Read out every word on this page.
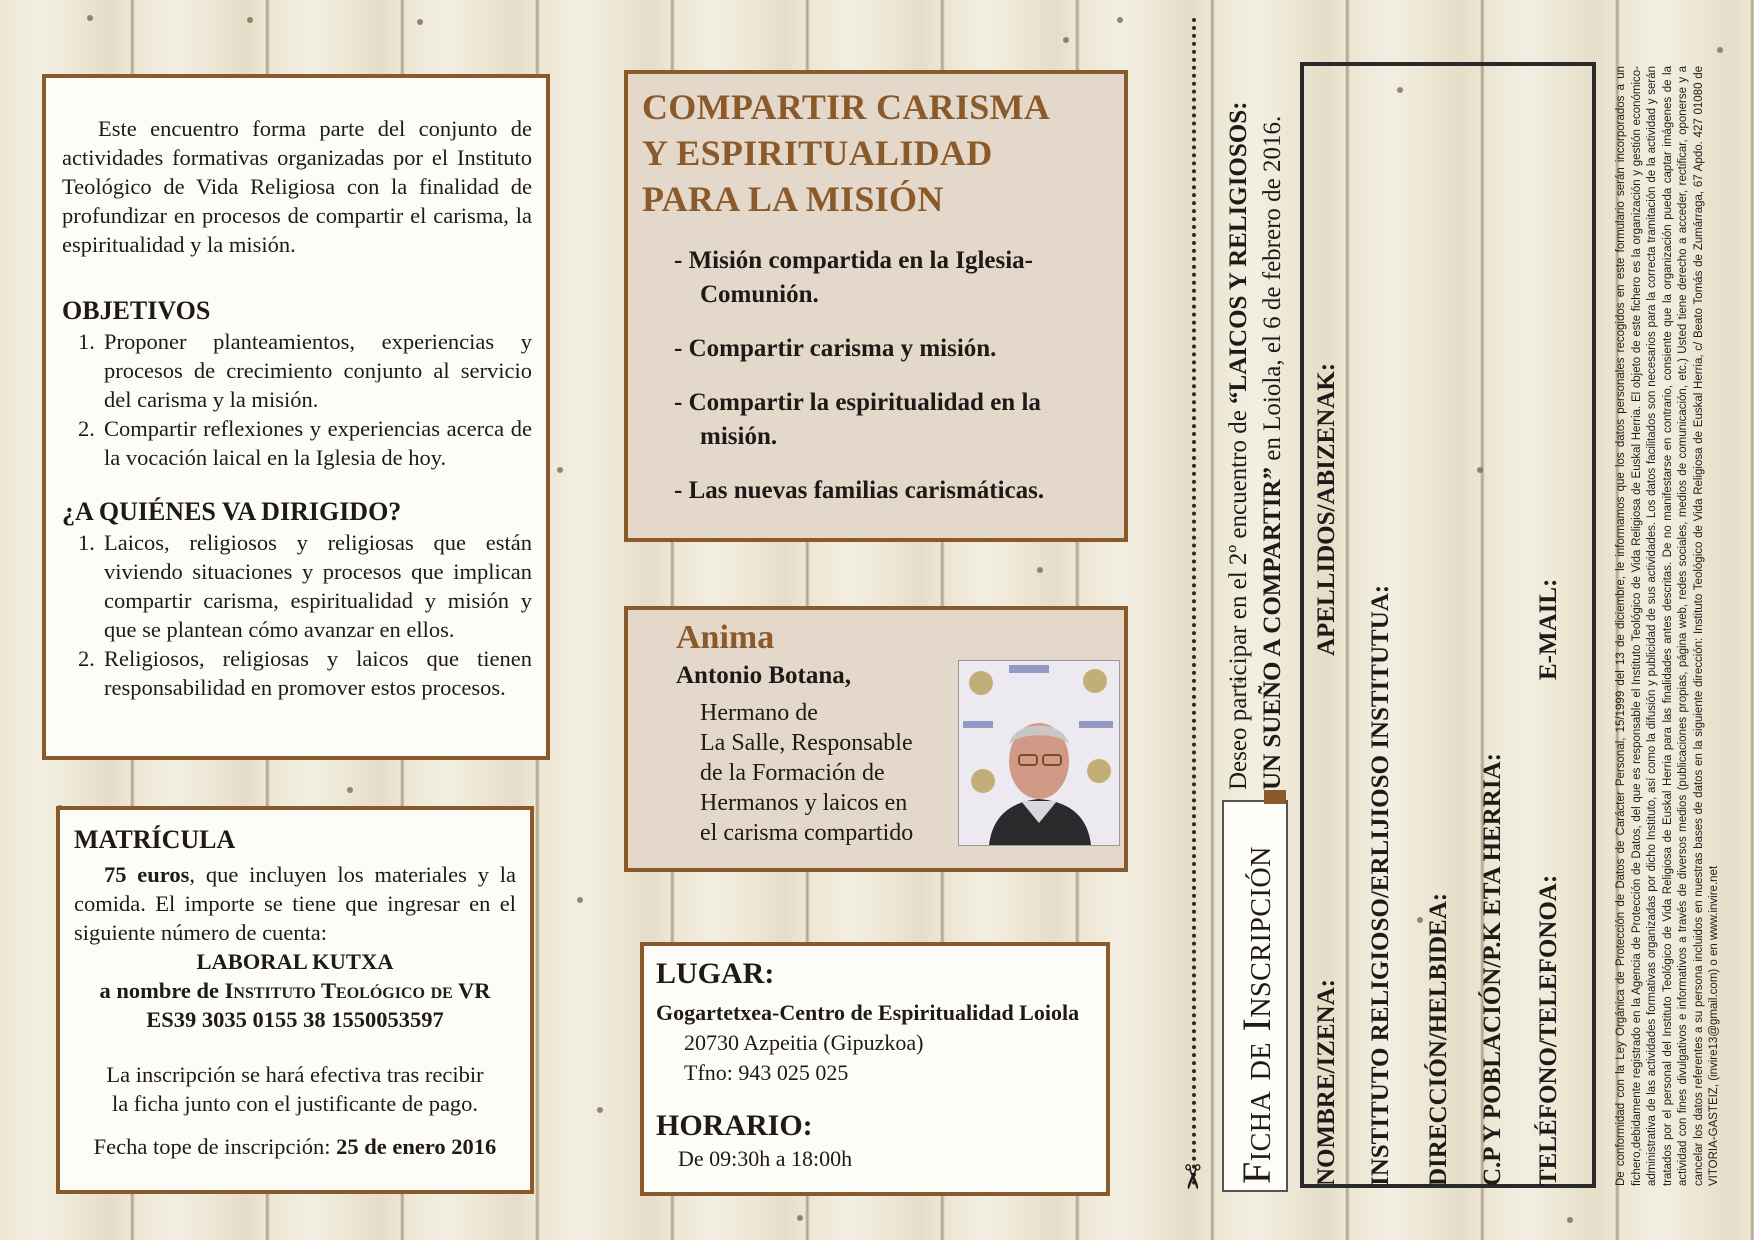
Este encuentro forma parte del conjunto de actividades formativas organizadas por el Instituto Teológico de Vida Religiosa con la finalidad de profundizar en procesos de compartir el carisma, la espiritualidad y la misión.

OBJETIVOS

1. Proponer planteamientos, experiencias y procesos de crecimiento conjunto al servicio del carisma y la misión.
2. Compartir reflexiones y experiencias acerca de la vocación laical en la Iglesia de hoy.

¿A QUIÉNES VA DIRIGIDO?

1. Laicos, religiosos y religiosas que están viviendo situaciones y procesos que implican compartir carisma, espiritualidad y misión y que se plantean cómo avanzar en ellos.
2. Religiosos, religiosas y laicos que tienen responsabilidad en promover estos procesos.

MATRÍCULA

75 euros, que incluyen los materiales y la comida. El importe se tiene que ingresar en el siguiente número de cuenta:

LABORAL KUTXA

a nombre de Instituto Teológico de VR

ES39 3035 0155 38 1550053597

La inscripción se hará efectiva tras recibir la ficha junto con el justificante de pago.

Fecha tope de inscripción: 25 de enero 2016

COMPARTIR CARISMA
Y ESPIRITUALIDAD
PARA LA MISIÓN

- Misión compartida en la Iglesia-
Comunión.
- Compartir carisma y misión.
- Compartir la espiritualidad en la
misión.
- Las nuevas familias carismáticas.

Anima

Antonio Botana,

Hermano de
La Salle, Responsable
de la Formación de
Hermanos y laicos en
el carisma compartido

LUGAR:

Gogartetxea-Centro de Espiritualidad Loiola

20730 Azpeitia (Gipuzkoa)

Tfno: 943 025 025

HORARIO:

De 09:30h a 18:00h

✂
Deseo participar en el 2º encuentro de “LAICOS Y RELIGIOSOS:
UN SUEÑO A COMPARTIR” en Loiola, el 6 de febrero de 2016.
Ficha de Inscripción NOMBRE/IZENA:
APELLIDOS/ABIZENAK:
INSTITUTO RELIGIOSO/ERLIJIOSO INSTITUTUA: DIRECCIÓN/HELBIDEA: C.P Y POBLACIÓN/P.K ETA HERRIA: TELÉFONO/TELEFONOA:
E-MAIL:	De conformidad con la Ley Orgánica de Protección de Datos de Carácter Personal, 15/1999 del 13 de diciembre, le informamos que los datos personales recogidos en este formulario serán incorporados a un fichero,debidamente registrado en la Agencia de Protección de Datos, del que es responsable el Instituto Teológico de Vida Religiosa de Euskal Herria. El objeto de este fichero es la organización y gestión económico-administrativa de las actividades formativas organizadas por dicho Instituto, así como la difusión y publicidad de sus actividades. Los datos facilitados son necesarios para la correcta tramitación de la actividad y serán tratados por el personal del Instituto Teológico de Vida Religiosa de Euskal Herria para las finalidades antes descritas. De no manifestarse en contrario, consiente que la organización pueda captar imágenes de la actividad con fines divulgativos e informativos a través de diversos medios (publicaciones propias, página web, redes sociales, medios de comunicación, etc.) Usted tiene derecho a acceder, rectificar, oponerse y a cancelar los datos referentes a su persona incluidos en nuestras bases de datos en la siguiente dirección: Instituto Teológico de Vida Religiosa de Euskal Herria, c/ Beato Tomás de Zumárraga, 67 Apdo. 427 01080 de VITORIA-GASTEIZ, (invire13@gmail.com) o en www.invire.net
